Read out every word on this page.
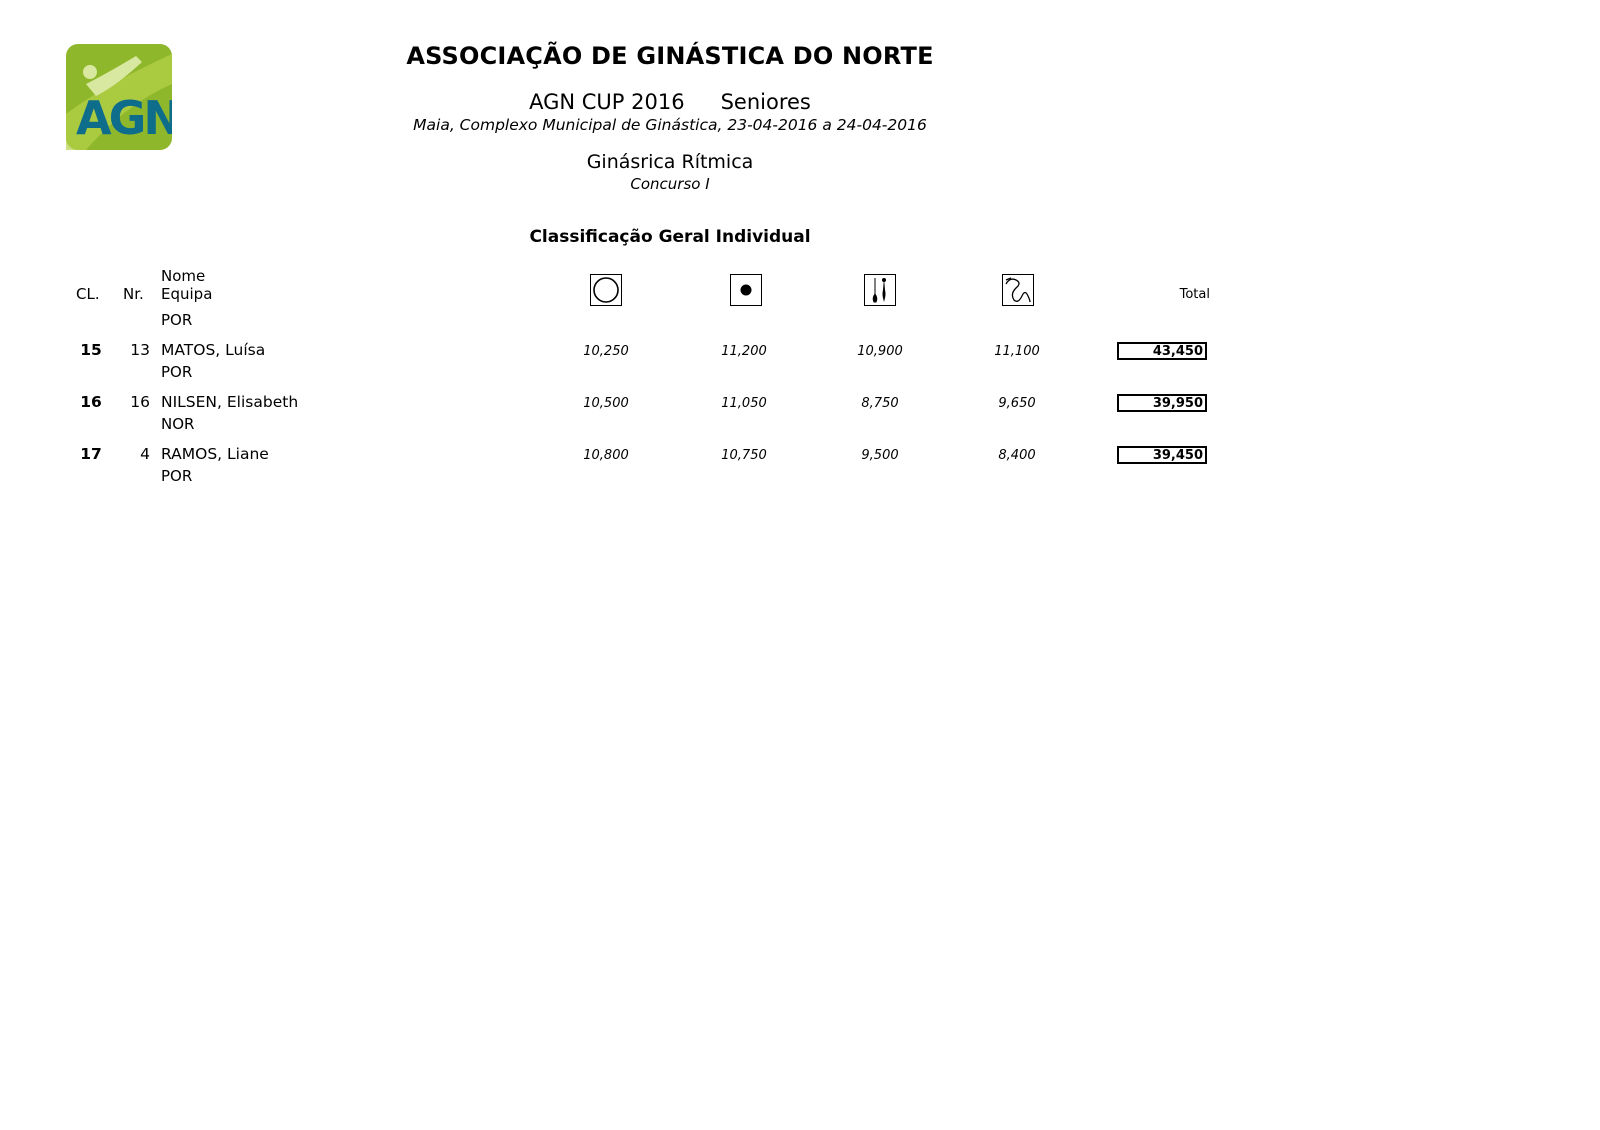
AGN
ASSOCIAÇÃO DE GINÁSTICA DO NORTE
AGN CUP 2016 Seniores
Maia, Complexo Municipal de Ginástica, 23-04-2016 a 24-04-2016
Ginásrica Rítmica
Concurso I
Classificação Geral Individual
CL. Nr.
Nome
Equipa	Total
POR
15	13 MATOS, Luísa	10,250	11,200	10,900	11,100	43,450
POR
16	16 NILSEN, Elisabeth	10,500	11,050	8,750	9,650	39,950
NOR
17	4 RAMOS, Liane	10,800	10,750	9,500	8,400	39,450
POR
